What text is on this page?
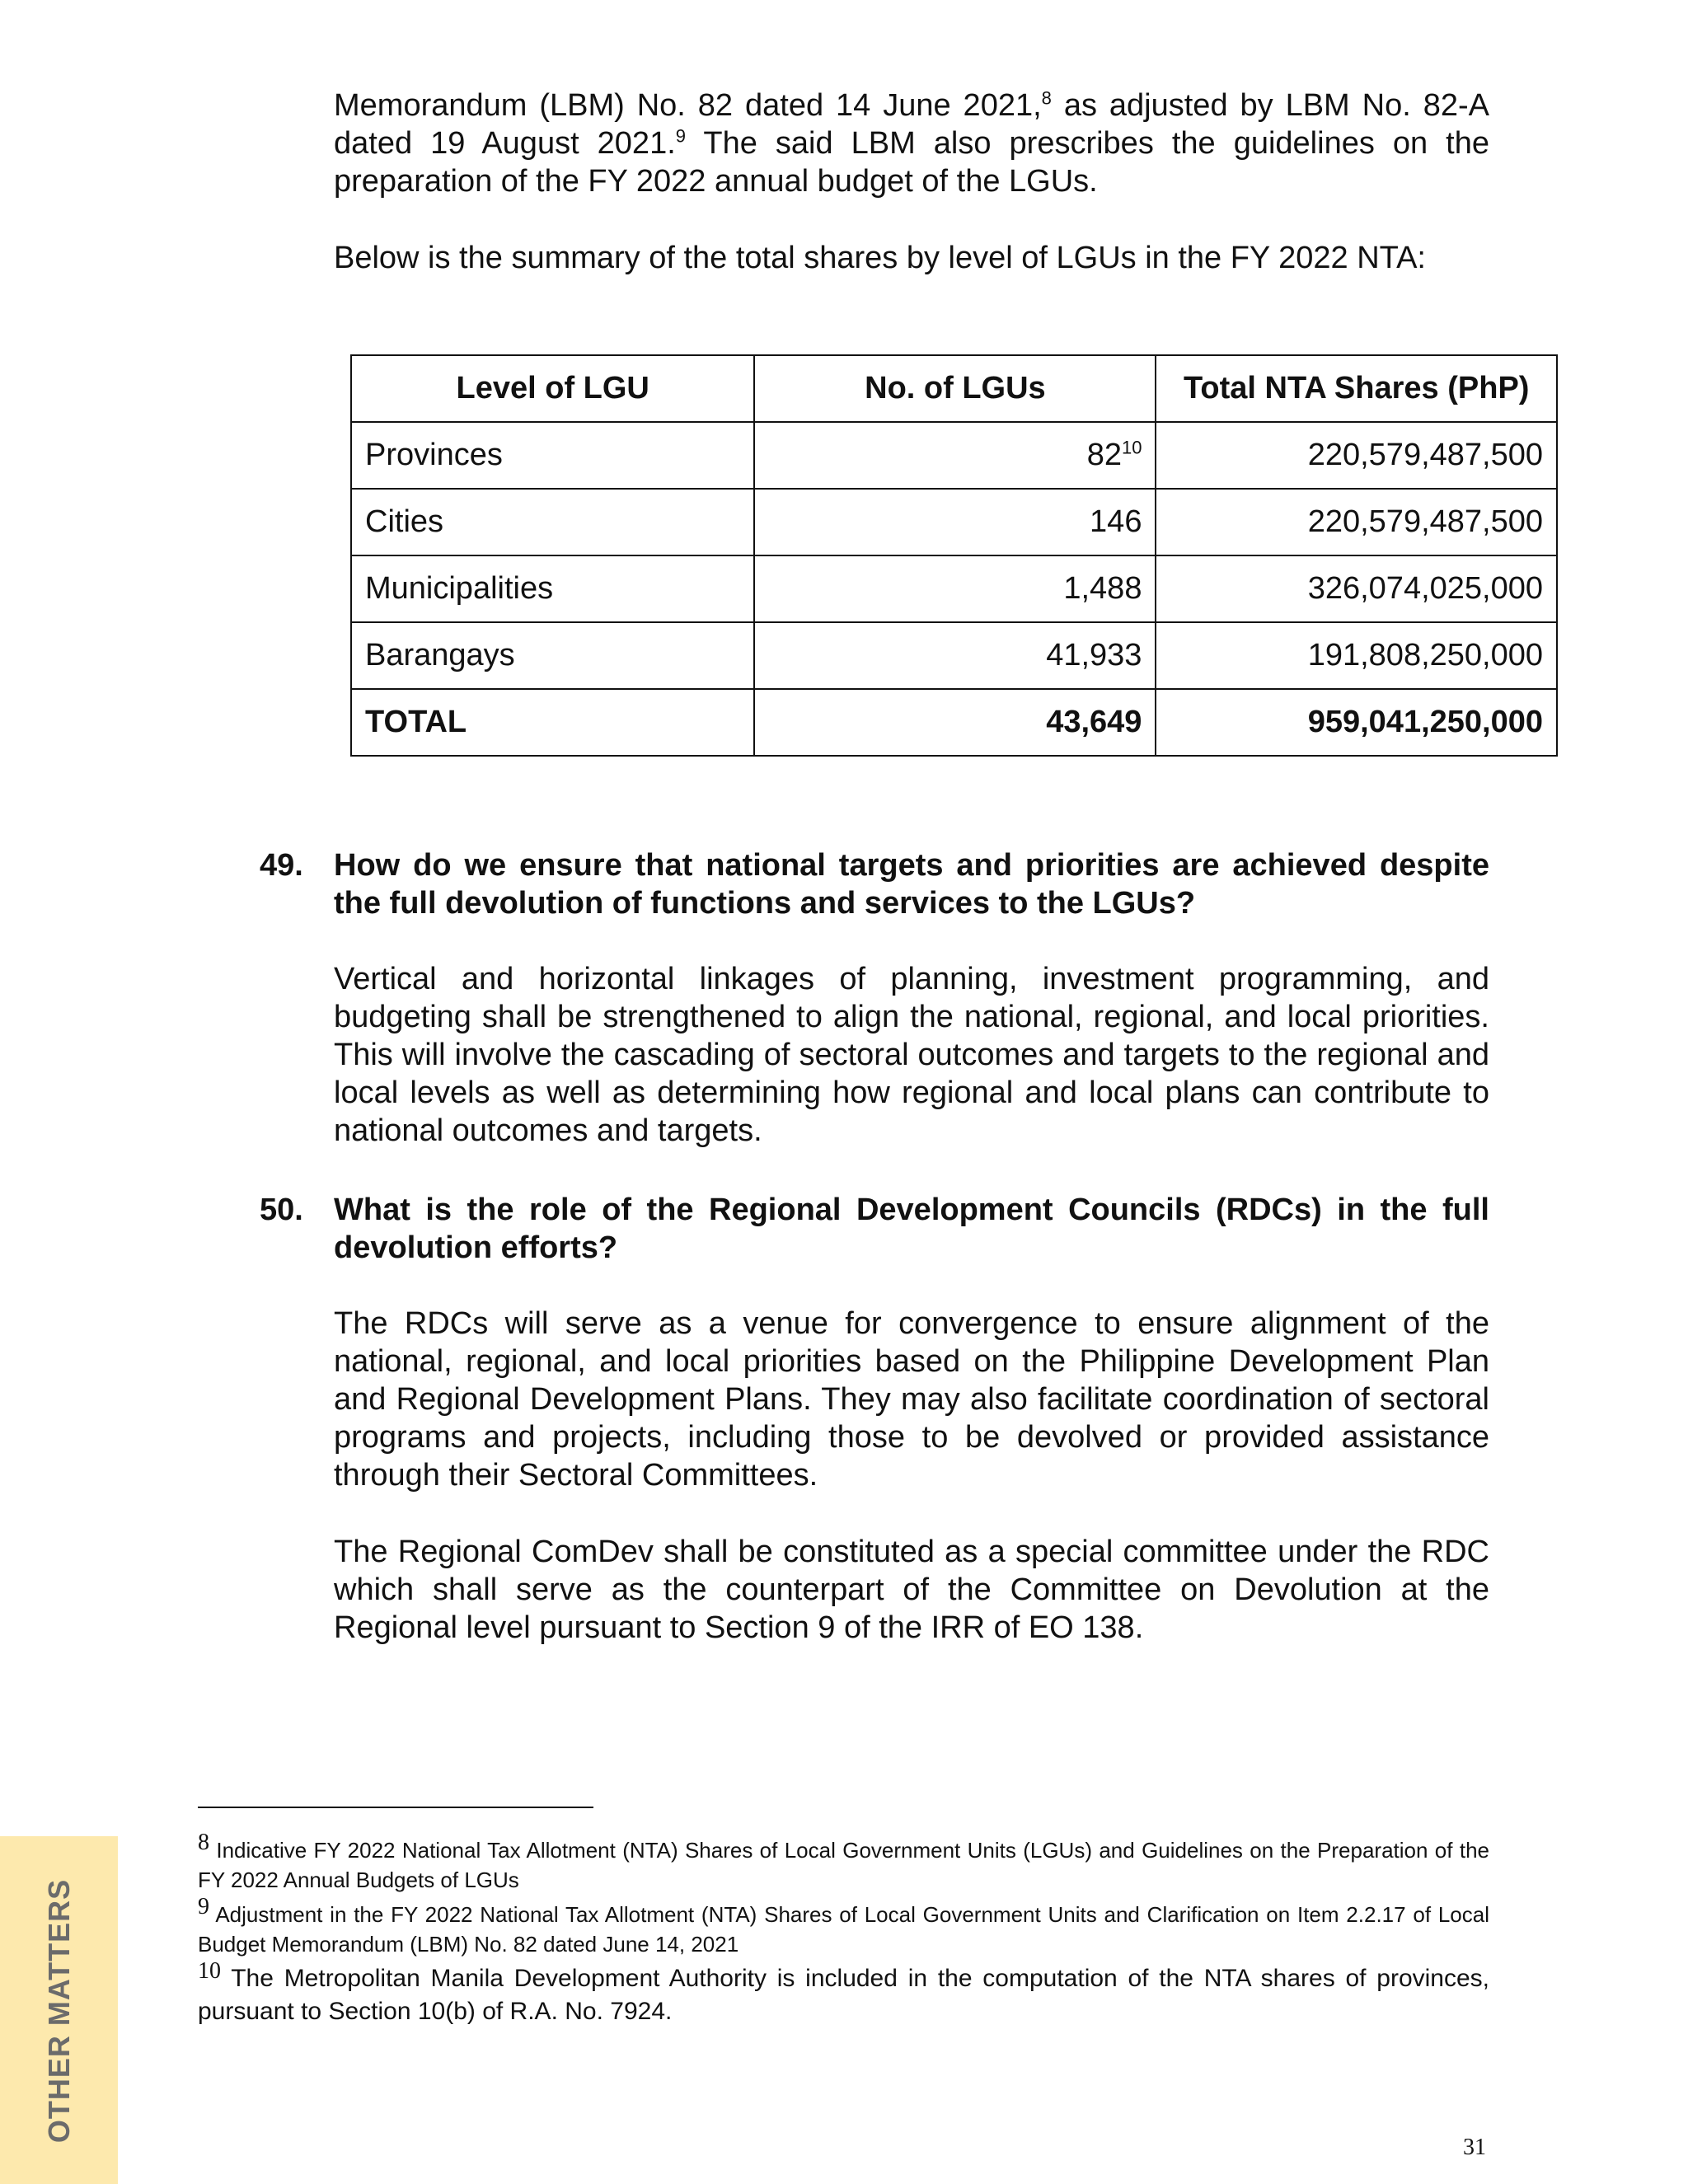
Memorandum (LBM) No. 82 dated 14 June 2021,$^8$ as adjusted by LBM No. 82-A dated 19 August 2021.$^9$ The said LBM also prescribes the guidelines on the preparation of the FY 2022 annual budget of the LGUs.

Below is the summary of the total shares by level of LGUs in the FY 2022 NTA:

Level of LGU	No. of LGUs	Total NTA Shares (PhP)
Provinces	$82^{10}$	220,579,487,500
Cities	146	220,579,487,500
Municipalities	1,488	326,074,025,000
Barangays	41,933	191,808,250,000
TOTAL	43,649	959,041,250,000
49. How do we ensure that national targets and priorities are achieved despite the full devolution of functions and services to the LGUs?

Vertical and horizontal linkages of planning, investment programming, and budgeting shall be strengthened to align the national, regional, and local priorities. This will involve the cascading of sectoral outcomes and targets to the regional and local levels as well as determining how regional and local plans can contribute to national outcomes and targets.

50. What is the role of the Regional Development Councils (RDCs) in the full devolution efforts?

The RDCs will serve as a venue for convergence to ensure alignment of the national, regional, and local priorities based on the Philippine Development Plan and Regional Development Plans. They may also facilitate coordination of sectoral programs and projects, including those to be devolved or provided assistance through their Sectoral Committees.

The Regional ComDev shall be constituted as a special committee under the RDC which shall serve as the counterpart of the Committee on Devolution at the Regional level pursuant to Section 9 of the IRR of EO 138.

8 Indicative FY 2022 National Tax Allotment (NTA) Shares of Local Government Units (LGUs) and Guidelines on the Preparation of the FY 2022 Annual Budgets of LGUs

9 Adjustment in the FY 2022 National Tax Allotment (NTA) Shares of Local Government Units and Clarification on Item 2.2.17 of Local Budget Memorandum (LBM) No. 82 dated June 14, 2021

10 The Metropolitan Manila Development Authority is included in the computation of the NTA shares of provinces, pursuant to Section 10(b) of R.A. No. 7924.

OTHER MATTERS
31
